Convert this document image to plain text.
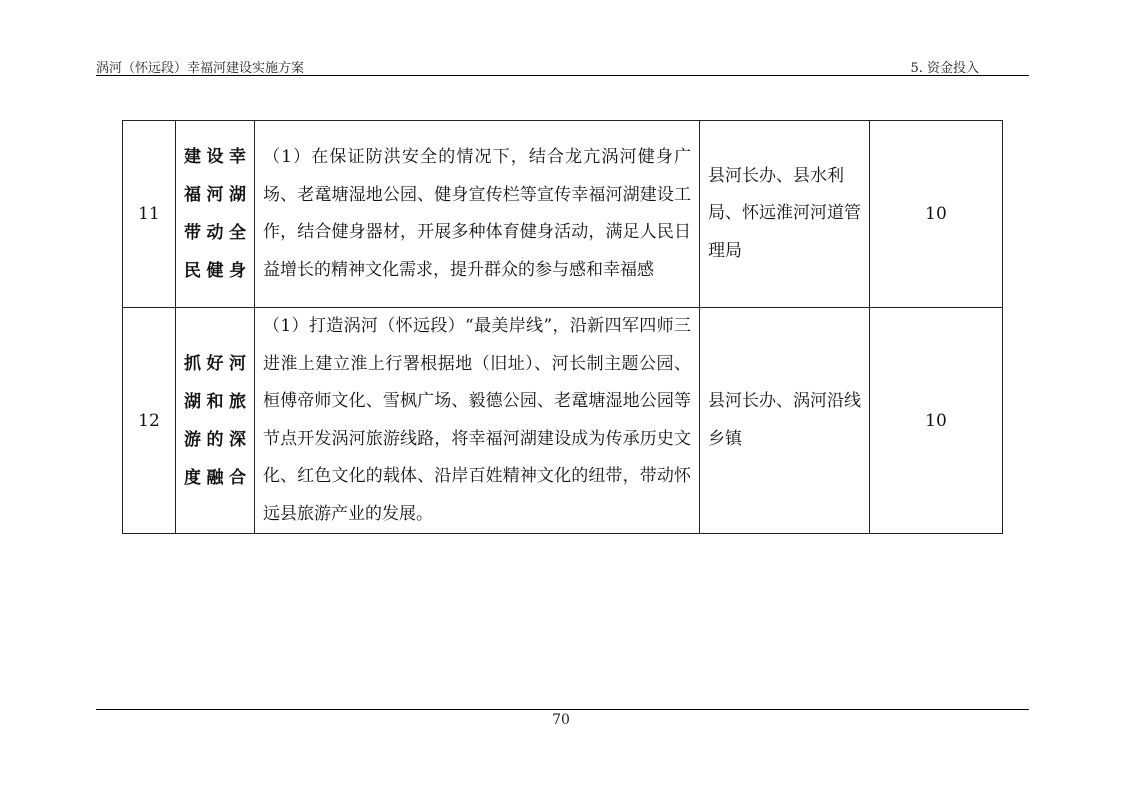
涡河（怀远段）幸福河建设实施方案	5. 资金投入
11	建设幸
福河湖
带动全
民健身	（1）在保证防洪安全的情况下，结合龙亢涡河健身广场、老鼋塘湿地公园、健身宣传栏等宣传幸福河湖建设工作，结合健身器材，开展多种体育健身活动，满足人民日益增长的精神文化需求，提升群众的参与感和幸福感	县河长办、县水利局、怀远淮河河道管理局	10
12	抓好河
湖和旅
游的深
度融合	（1）打造涡河（怀远段）“最美岸线”，沿新四军四师三进淮上建立淮上行署根据地（旧址）、河长制主题公园、桓傅帝师文化、雪枫广场、毅德公园、老鼋塘湿地公园等节点开发涡河旅游线路，将幸福河湖建设成为传承历史文化、红色文化的载体、沿岸百姓精神文化的纽带，带动怀远县旅游产业的发展。	县河长办、涡河沿线乡镇	10
70
